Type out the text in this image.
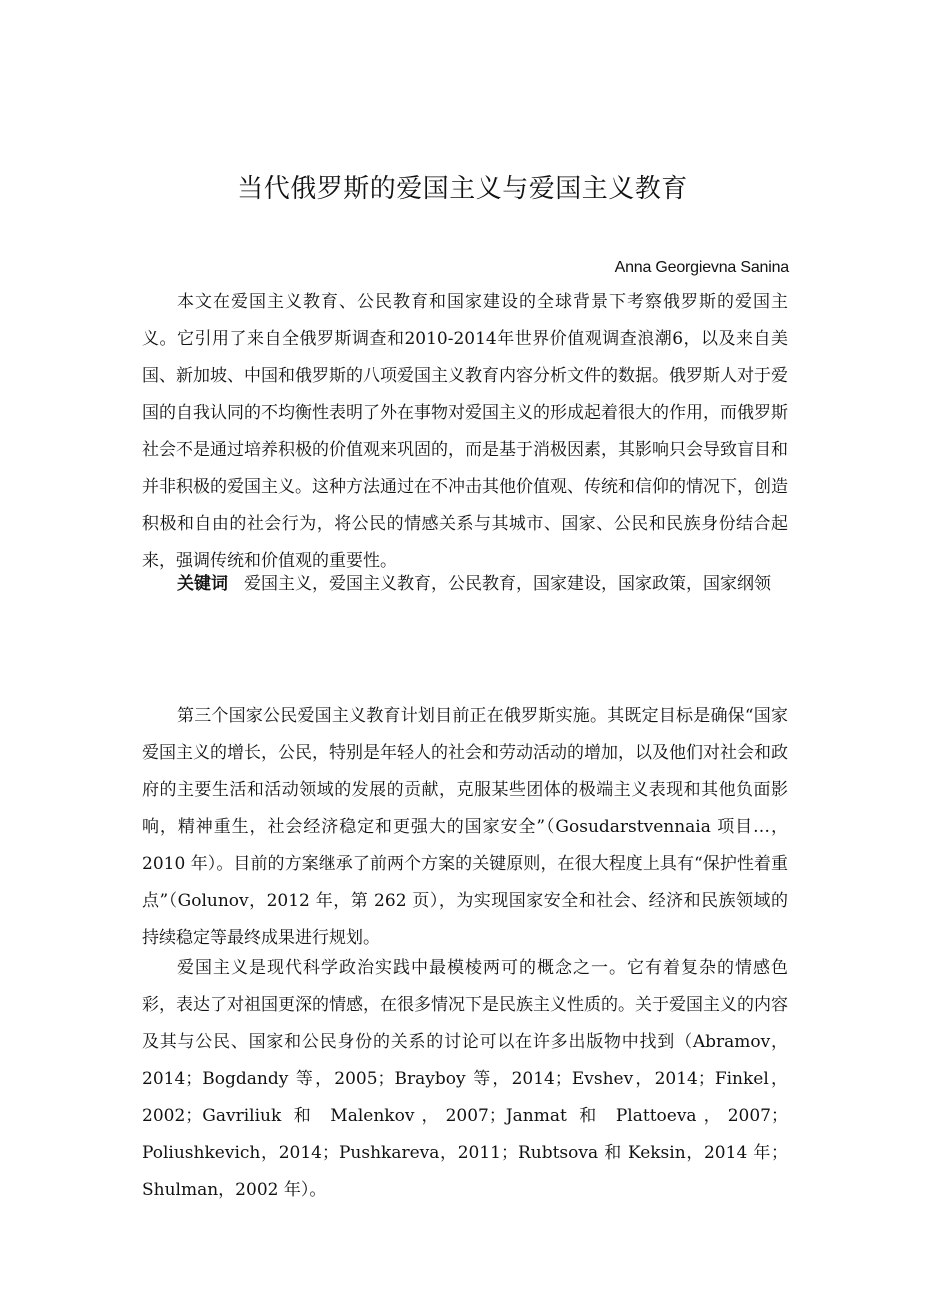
当代俄罗斯的爱国主义与爱国主义教育

Anna Georgievna Sanina

本文在爱国主义教育、公民教育和国家建设的全球背景下考察俄罗斯的爱国主义。它引用了来自全俄罗斯调查和2010-2014年世界价值观调查浪潮6，以及来自美国、新加坡、中国和俄罗斯的八项爱国主义教育内容分析文件的数据。俄罗斯人对于爱国的自我认同的不均衡性表明了外在事物对爱国主义的形成起着很大的作用，而俄罗斯社会不是通过培养积极的价值观来巩固的，而是基于消极因素，其影响只会导致盲目和并非积极的爱国主义。这种方法通过在不冲击其他价值观、传统和信仰的情况下，创造积极和自由的社会行为，将公民的情感关系与其城市、国家、公民和民族身份结合起来，强调传统和价值观的重要性。

关键词 爱国主义，爱国主义教育，公民教育，国家建设，国家政策，国家纲领

第三个国家公民爱国主义教育计划目前正在俄罗斯实施。其既定目标是确保“国家爱国主义的增长，公民，特别是年轻人的社会和劳动活动的增加，以及他们对社会和政府的主要生活和活动领域的发展的贡献，克服某些团体的极端主义表现和其他负面影响，精神重生，社会经济稳定和更强大的国家安全”（Gosudarstvennaia 项目…，2010 年）。目前的方案继承了前两个方案的关键原则，在很大程度上具有“保护性着重点”（Golunov，2012 年，第 262 页），为实现国家安全和社会、经济和民族领域的持续稳定等最终成果进行规划。

爱国主义是现代科学政治实践中最模棱两可的概念之一。它有着复杂的情感色彩，表达了对祖国更深的情感，在很多情况下是民族主义性质的。关于爱国主义的内容及其与公民、国家和公民身份的关系的讨论可以在许多出版物中找到（Abramov，2014；Bogdandy 等，2005；Brayboy 等，2014；Evshev，2014；Finkel，2002；Gavriliuk 和 Malenkov，2007；Janmat 和 Plattoeva，2007；Poliushkevich，2014；Pushkareva，2011；Rubtsova 和 Keksin，2014 年；Shulman，2002 年）。
